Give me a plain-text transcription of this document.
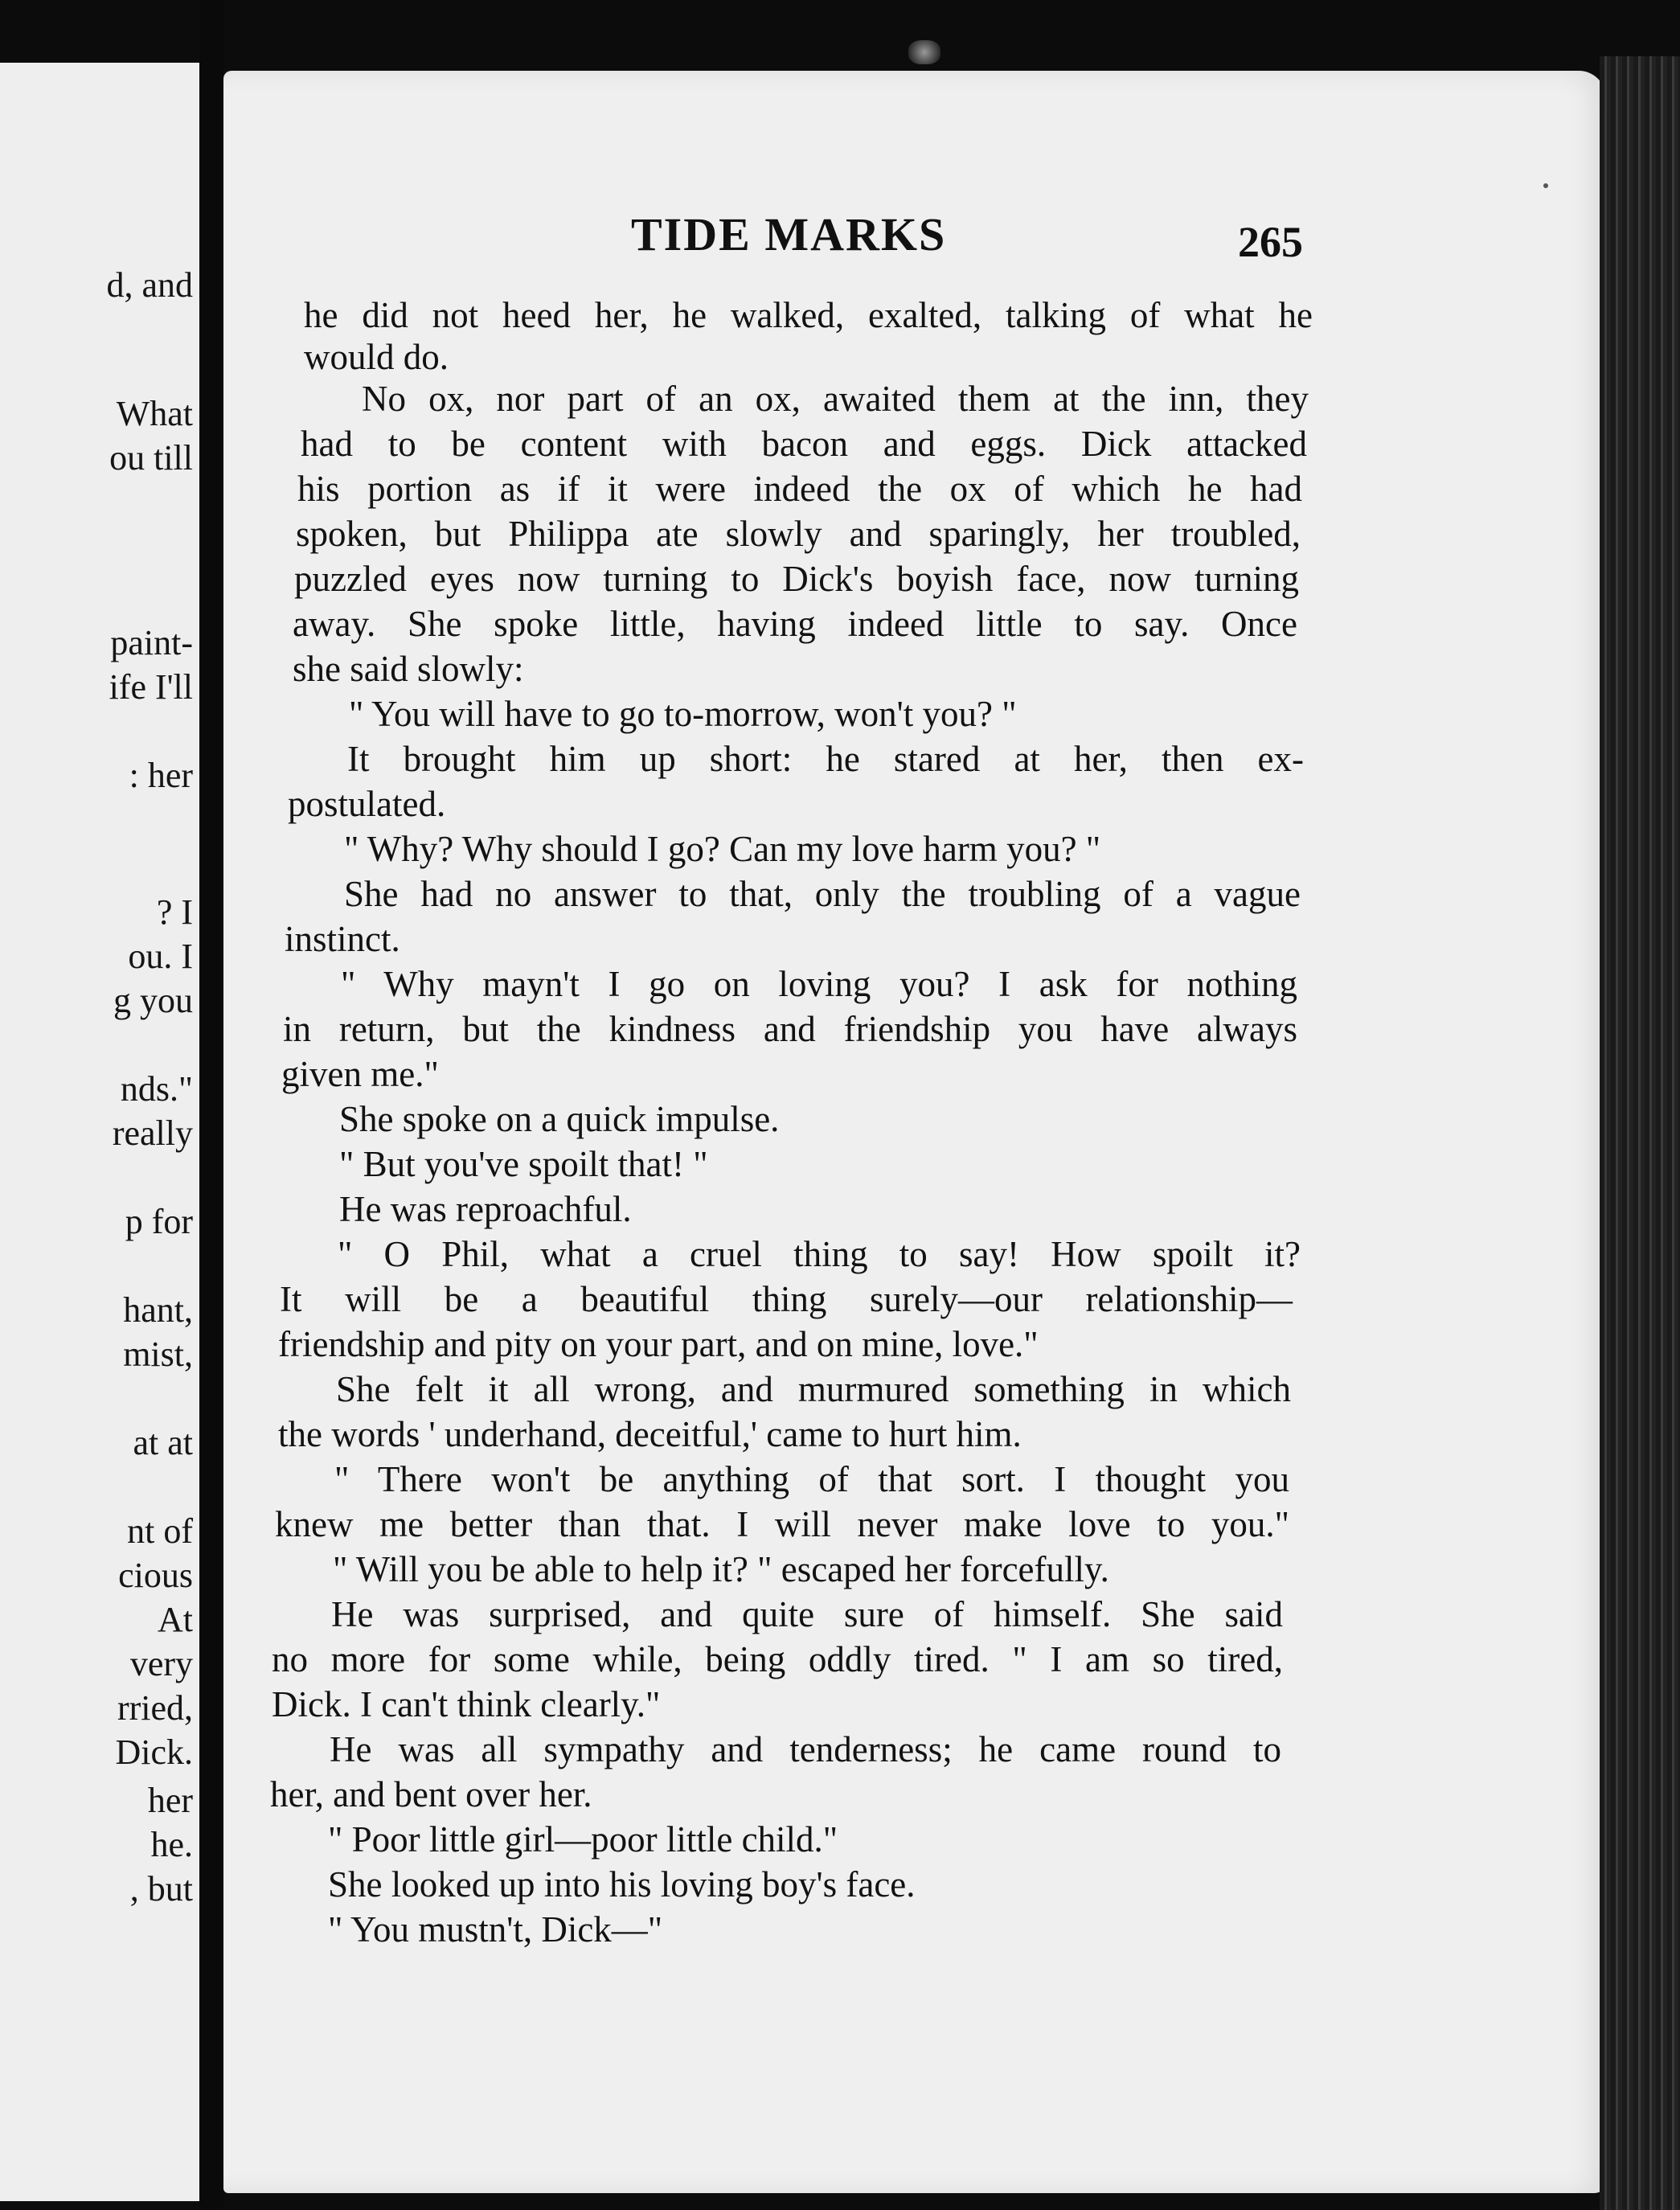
d, and
What
ou till
paint-
ife I'll
: her
? I
ou. I
g you
nds."
really
p for
hant,
mist,
at at
nt of
cious
At
very
rried,
Dick.
her
he.
, but
TIDE MARKS	265
he did not heed her, he walked, exalted, talking of what he
would do.
No ox, nor part of an ox, awaited them at the inn, they
had to be content with bacon and eggs. Dick attacked
his portion as if it were indeed the ox of which he had
spoken, but Philippa ate slowly and sparingly, her troubled,
puzzled eyes now turning to Dick's boyish face, now turning
away. She spoke little, having indeed little to say. Once
she said slowly:
" You will have to go to-morrow, won't you? "
It brought him up short: he stared at her, then ex-
postulated.
" Why? Why should I go? Can my love harm you? "
She had no answer to that, only the troubling of a vague
instinct.
" Why mayn't I go on loving you? I ask for nothing
in return, but the kindness and friendship you have always
given me."
She spoke on a quick impulse.
" But you've spoilt that! "
He was reproachful.
" O Phil, what a cruel thing to say! How spoilt it?
It will be a beautiful thing surely—our relationship—
friendship and pity on your part, and on mine, love."
She felt it all wrong, and murmured something in which
the words ' underhand, deceitful,' came to hurt him.
" There won't be anything of that sort. I thought you
knew me better than that. I will never make love to you."
" Will you be able to help it? " escaped her forcefully.
He was surprised, and quite sure of himself. She said
no more for some while, being oddly tired. " I am so tired,
Dick. I can't think clearly."
He was all sympathy and tenderness; he came round to
her, and bent over her.
" Poor little girl—poor little child."
She looked up into his loving boy's face.
" You mustn't, Dick—"
